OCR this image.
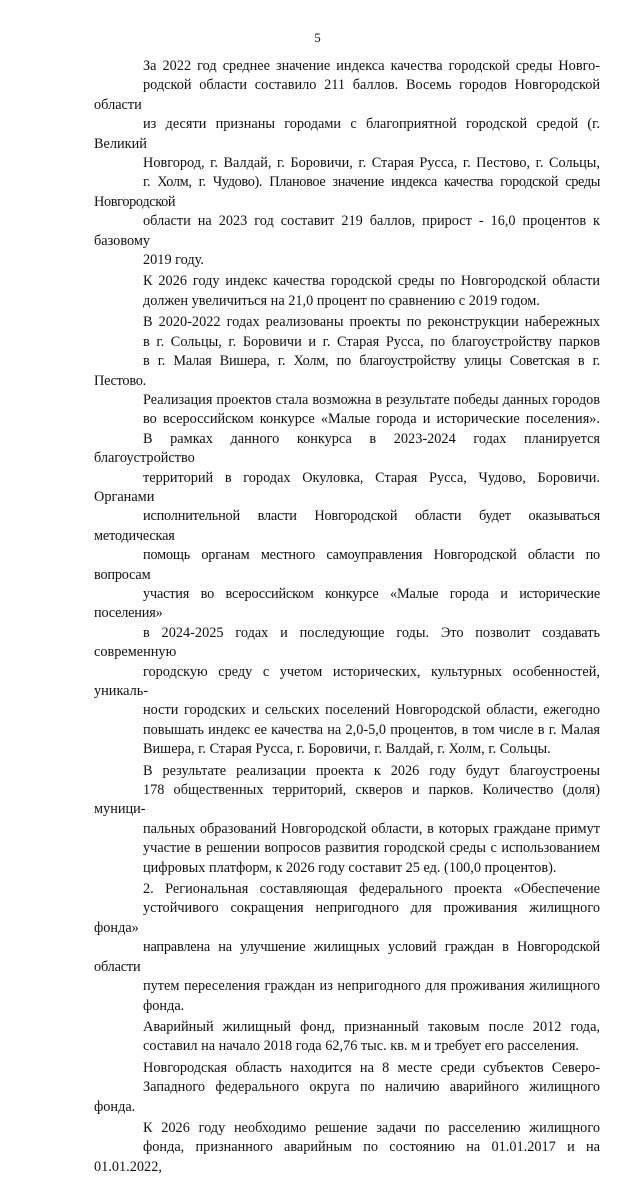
5
За 2022 год среднее значение индекса качества городской среды Новго-
родской области составило 211 баллов. Восемь городов Новгородской области
из десяти признаны городами с благоприятной городской средой (г. Великий
Новгород, г. Валдай, г. Боровичи, г. Старая Русса, г. Пестово, г. Сольцы,
г. Холм, г. Чудово). Плановое значение индекса качества городской среды Новгородской
области на 2023 год составит 219 баллов, прирост - 16,0 процентов к базовому
2019 году.
К 2026 году индекс качества городской среды по Новгородской области
должен увеличиться на 21,0 процент по сравнению с 2019 годом.
В 2020-2022 годах реализованы проекты по реконструкции набережных
в г. Сольцы, г. Боровичи и г. Старая Русса, по благоустройству парков
в г. Малая Вишера, г. Холм, по благоустройству улицы Советская в г. Пестово.
Реализация проектов стала возможна в результате победы данных городов
во всероссийском конкурсе «Малые города и исторические поселения».
В рамках данного конкурса в 2023-2024 годах планируется благоустройство
территорий в городах Окуловка, Старая Русса, Чудово, Боровичи. Органами
исполнительной власти Новгородской области будет оказываться методическая
помощь органам местного самоуправления Новгородской области по вопросам
участия во всероссийском конкурсе «Малые города и исторические поселения»
в 2024-2025 годах и последующие годы. Это позволит создавать современную
городскую среду с учетом исторических, культурных особенностей, уникаль-
ности городских и сельских поселений Новгородской области, ежегодно
повышать индекс ее качества на 2,0-5,0 процентов, в том числе в г. Малая
Вишера, г. Старая Русса, г. Боровичи, г. Валдай, г. Холм, г. Сольцы.
В результате реализации проекта к 2026 году будут благоустроены
178 общественных территорий, скверов и парков. Количество (доля) муници-
пальных образований Новгородской области, в которых граждане примут
участие в решении вопросов развития городской среды с использованием
цифровых платформ, к 2026 году составит 25 ед. (100,0 процентов).
2. Региональная составляющая федерального проекта «Обеспечение
устойчивого сокращения непригодного для проживания жилищного фонда»
направлена на улучшение жилищных условий граждан в Новгородской области
путем переселения граждан из непригодного для проживания жилищного
фонда.
Аварийный жилищный фонд, признанный таковым после 2012 года,
составил на начало 2018 года 62,76 тыс. кв. м и требует его расселения.
Новгородская область находится на 8 месте среди субъектов Северо-
Западного федерального округа по наличию аварийного жилищного фонда.
К 2026 году необходимо решение задачи по расселению жилищного
фонда, признанного аварийным по состоянию на 01.01.2017 и на 01.01.2022,
